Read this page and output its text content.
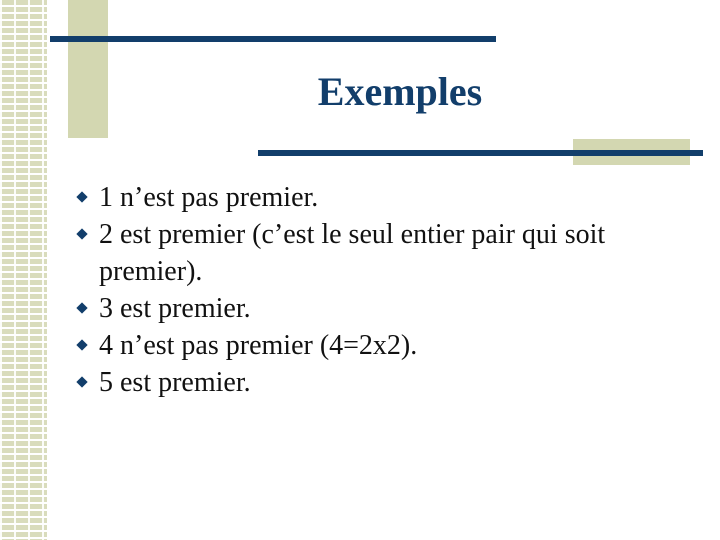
Exemples
1 n’est pas premier.
2 est premier (c’est le seul entier pair qui soit premier).
3 est premier.
4 n’est pas premier (4=2x2).
5 est premier.
